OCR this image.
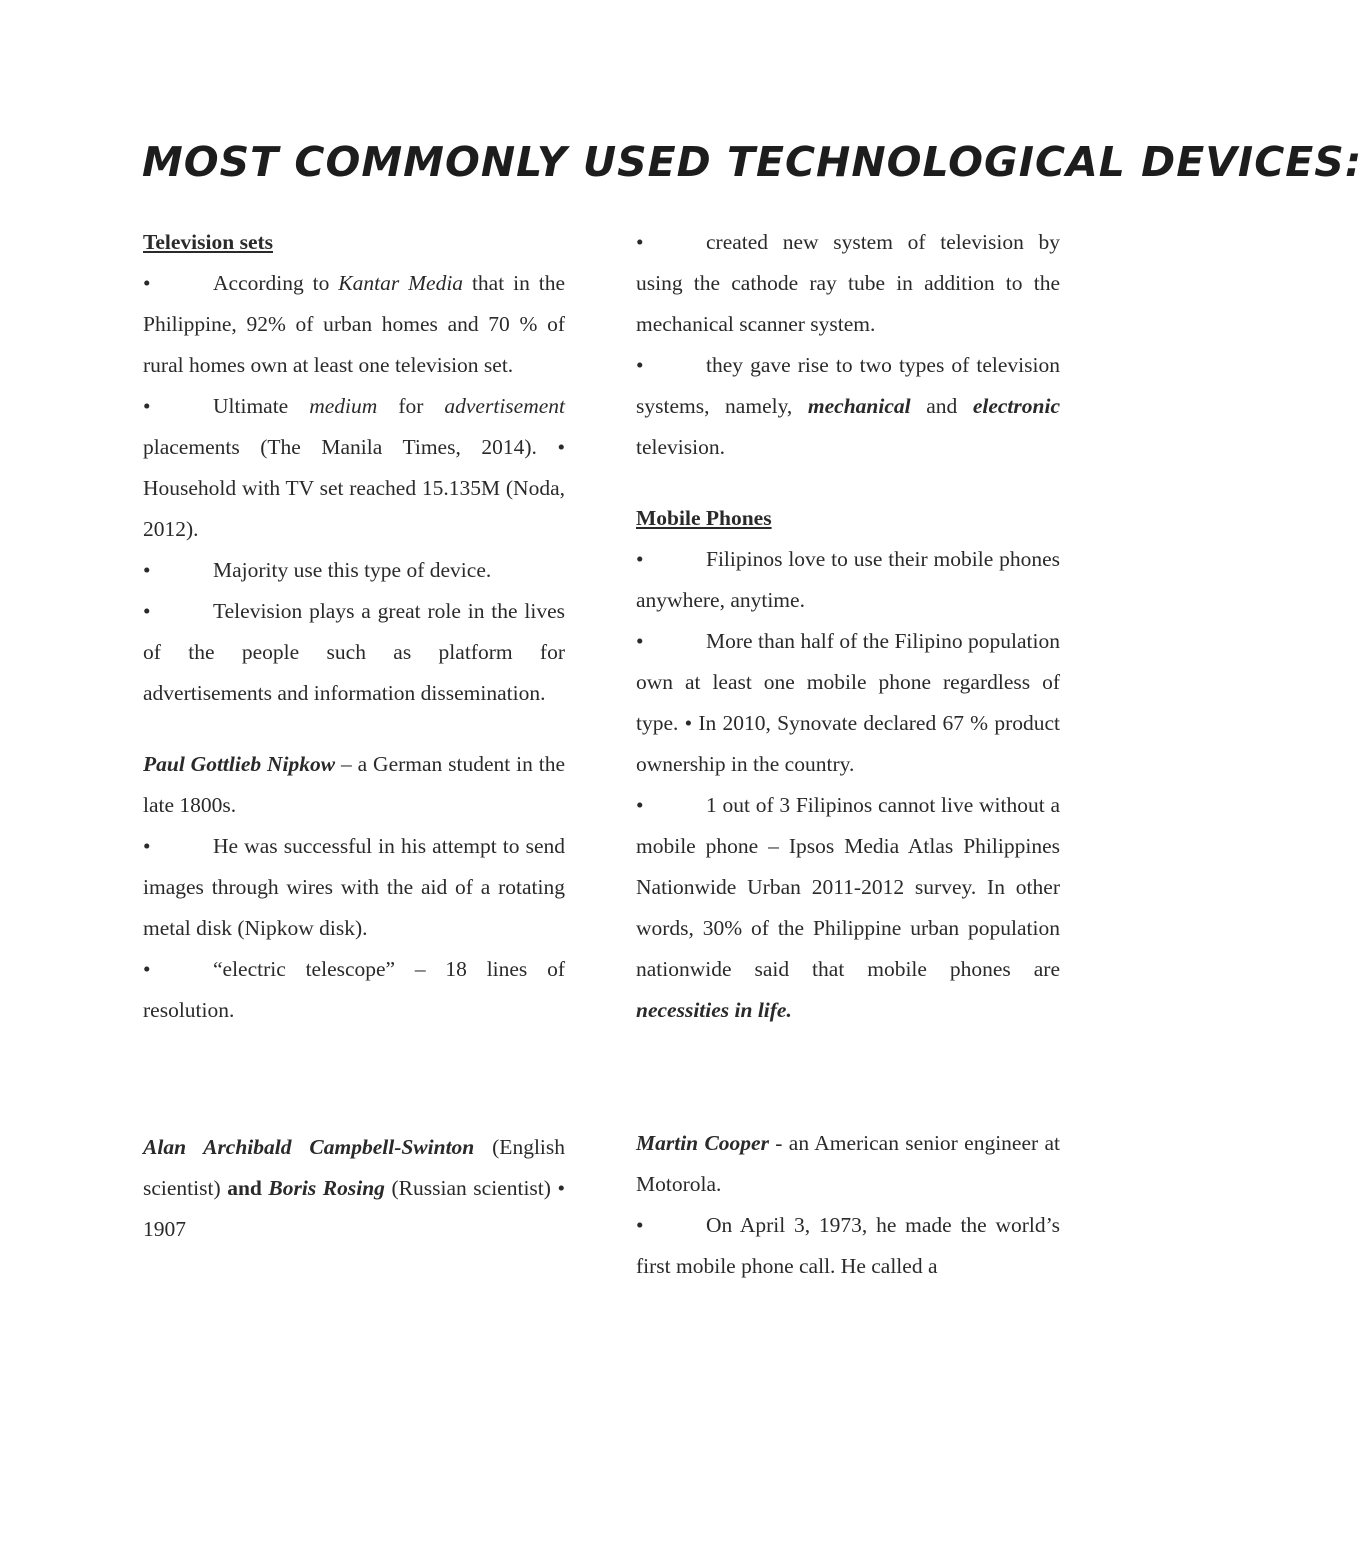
MOST COMMONLY USED TECHNOLOGICAL DEVICES:

Television sets

•	According to Kantar Media that in the Philippine, 92% of urban homes and 70 % of rural homes own at least one television set.

•	Ultimate medium for advertisement placements (The Manila Times, 2014). • Household with TV set reached 15.135M (Noda, 2012).

•	Majority use this type of device.

•	Television plays a great role in the lives of the people such as platform for advertisements and information dissemination.

Paul Gottlieb Nipkow – a German student in the late 1800s.

•	He was successful in his attempt to send images through wires with the aid of a rotating metal disk (Nipkow disk).

•	“electric telescope” – 18 lines of resolution.

Alan Archibald Campbell-Swinton (English scientist) and Boris Rosing (Russian scientist) • 1907

•	created new system of television by using the cathode ray tube in addition to the mechanical scanner system.

•	they gave rise to two types of television systems, namely, mechanical and electronic television.

Mobile Phones

•	Filipinos love to use their mobile phones anywhere, anytime.

•	More than half of the Filipino population own at least one mobile phone regardless of type. • In 2010, Synovate declared 67 % product ownership in the country.

•	1 out of 3 Filipinos cannot live without a mobile phone – Ipsos Media Atlas Philippines Nationwide Urban 2011-2012 survey. In other words, 30% of the Philippine urban population nationwide said that mobile phones are necessities in life.

Martin Cooper - an American senior engineer at Motorola.

•	On April 3, 1973, he made the world’s first mobile phone call. He called a
